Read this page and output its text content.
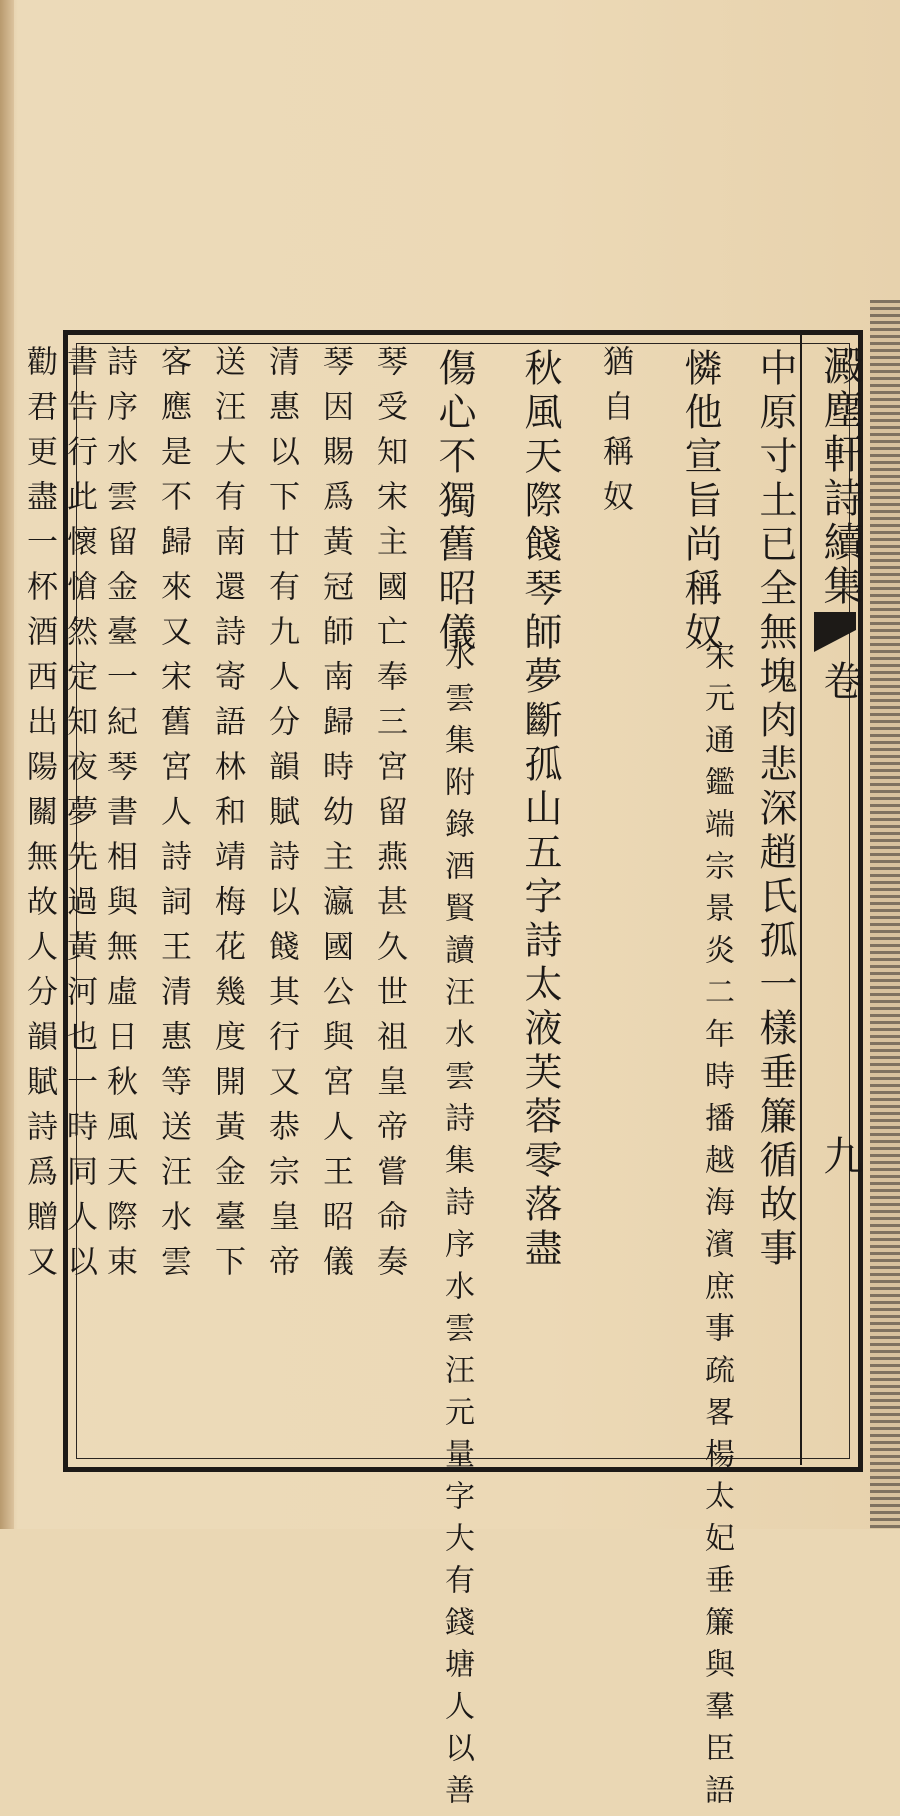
澱塵軒詩續集
卷
九
中原寸土已全無塊肉悲深趙氏孤一樣垂簾循故事
憐他宣旨尚稱奴
宋元通鑑端宗景炎二年時播越海濱庶事疏畧楊太妃垂簾與羣臣語
猶自稱奴
秋風天際餞琴師夢斷孤山五字詩太液芙蓉零落盡
傷心不獨舊昭儀
水雲集附錄酒賢讀汪水雲詩集詩序水雲汪元量字大有錢塘人以善
琴受知宋主國亡奉三宮留燕甚久世祖皇帝嘗命奏
琴因賜爲黃冠師南歸時幼主瀛國公與宮人王昭儀
清惠以下廿有九人分韻賦詩以餞其行又恭宗皇帝
送汪大有南還詩寄語林和靖梅花幾度開黃金臺下
客應是不歸來又宋舊宮人詩詞王清惠等送汪水雲
詩序水雲留金臺一紀琴書相與無虛日秋風天際束
書告行此懷愴然定知夜夢先過黃河也一時同人以
勸君更盡一杯酒西出陽關無故人分韻賦詩爲贈又
